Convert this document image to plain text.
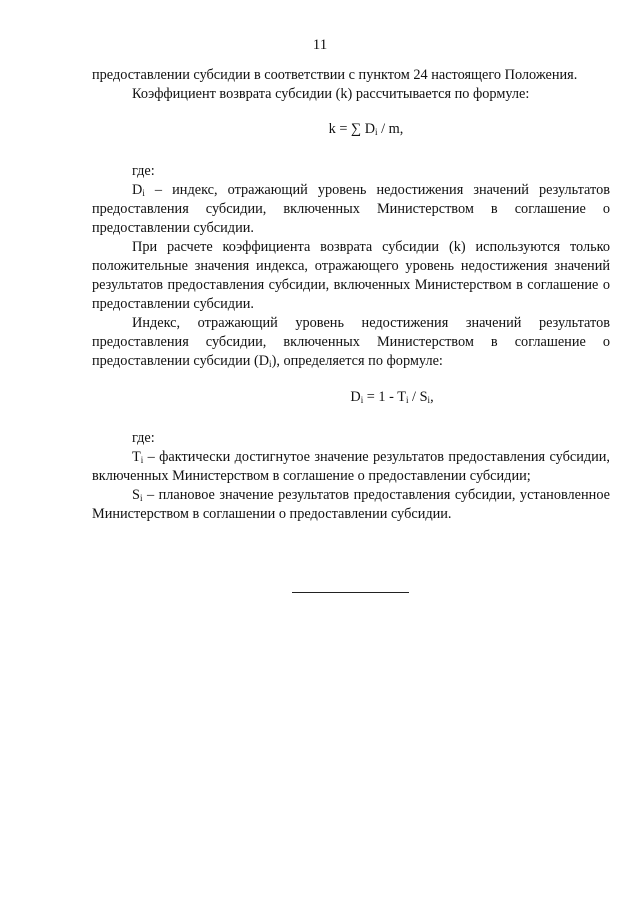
11

предоставлении субсидии в соответствии с пунктом 24 настоящего Положения.

Коэффициент возврата субсидии (k) рассчитывается по формуле:

k = ∑ $D_i$ / m,

где:

$D_i$ – индекс, отражающий уровень недостижения значений результатов предоставления субсидии, включенных Министерством в соглашение о предоставлении субсидии.

При расчете коэффициента возврата субсидии (k) используются только положительные значения индекса, отражающего уровень недостижения значений результатов предоставления субсидии, включенных Министерством в соглашение о предоставлении субсидии.

Индекс, отражающий уровень недостижения значений результатов предоставления субсидии, включенных Министерством в соглашение о предоставлении субсидии $(D_i)$, определяется по формуле:

$D_i = 1 - T_i / S_i$,

где:

$T_i$ – фактически достигнутое значение результатов предоставления субсидии, включенных Министерством в соглашение о предоставлении субсидии;

$S_i$ – плановое значение результатов предоставления субсидии, установленное Министерством в соглашении о предоставлении субсидии.
